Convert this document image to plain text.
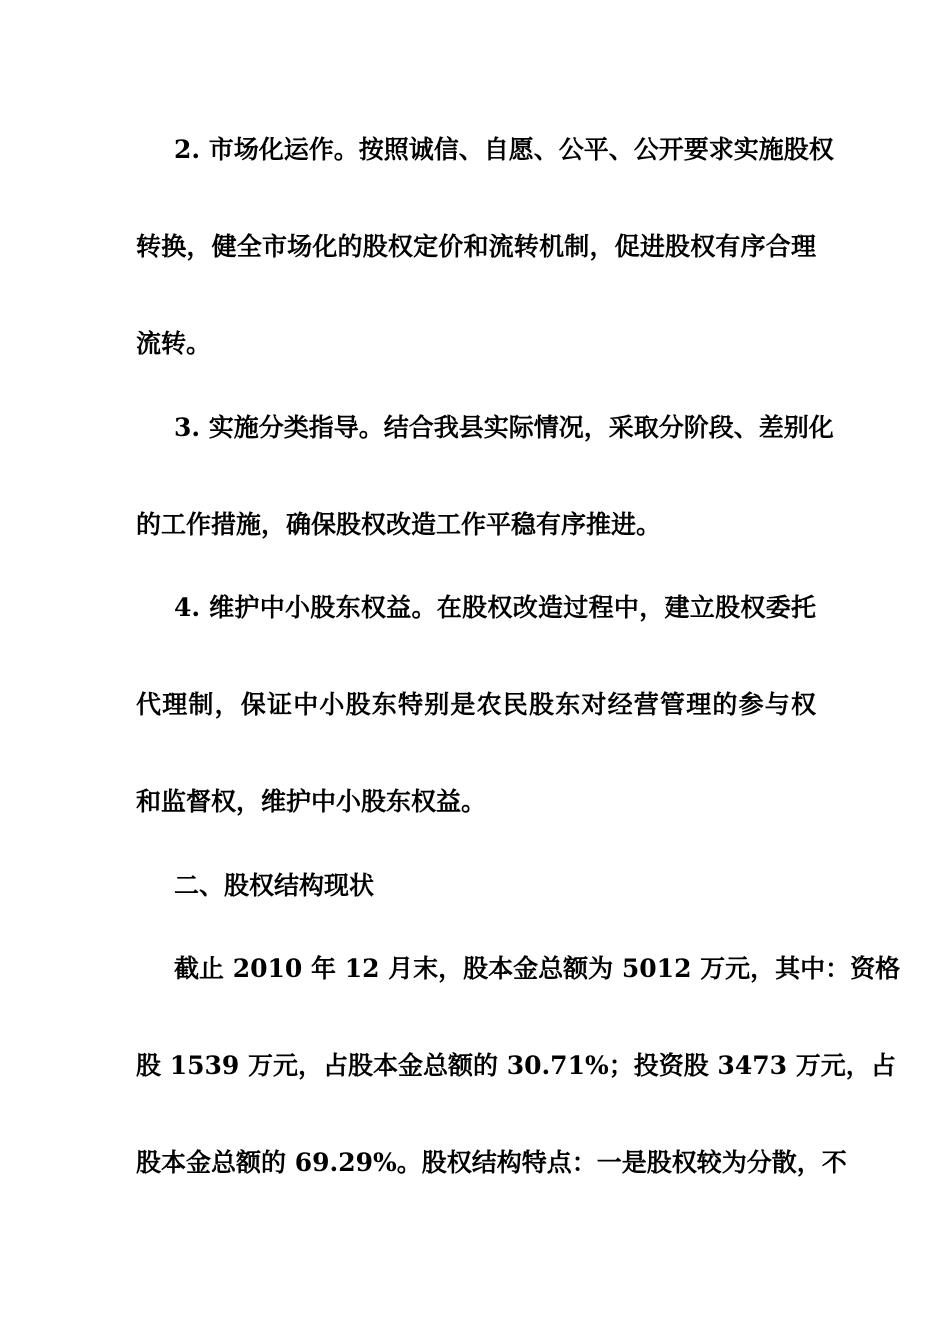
2. 市场化运作。按照诚信、自愿、公平、公开要求实施股权
转换，健全市场化的股权定价和流转机制，促进股权有序合理
流转。
3. 实施分类指导。结合我县实际情况，采取分阶段、差别化
的工作措施，确保股权改造工作平稳有序推进。
4. 维护中小股东权益。在股权改造过程中，建立股权委托
代理制，保证中小股东特别是农民股东对经营管理的参与权
和监督权，维护中小股东权益。
二、股权结构现状
截止 2010 年 12 月末，股本金总额为 5012 万元，其中：资格
股 1539 万元，占股本金总额的 30.71%；投资股 3473 万元，占
股本金总额的 69.29%。股权结构特点：一是股权较为分散，不
